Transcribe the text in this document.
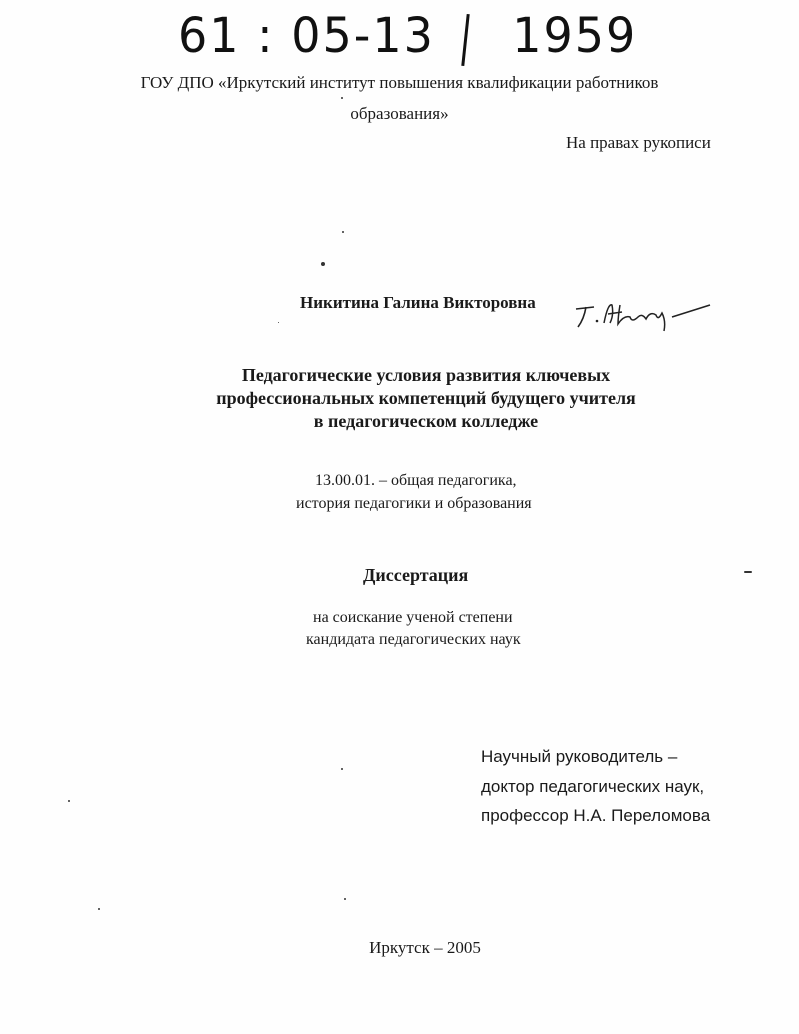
61 : 05-13 1959
ГОУ ДПО «Иркутский институт повышения квалификации работников
образования»
На правах рукописи
Никитина Галина Викторовна
Педагогические условия развития ключевых
профессиональных компетенций будущего учителя
в педагогическом колледже
13.00.01. – общая педагогика,
история педагогики и образования
Диссертация
на соискание ученой степени
кандидата педагогических наук
Научный руководитель –
доктор педагогических наук,
профессор Н.А. Переломова
Иркутск – 2005
